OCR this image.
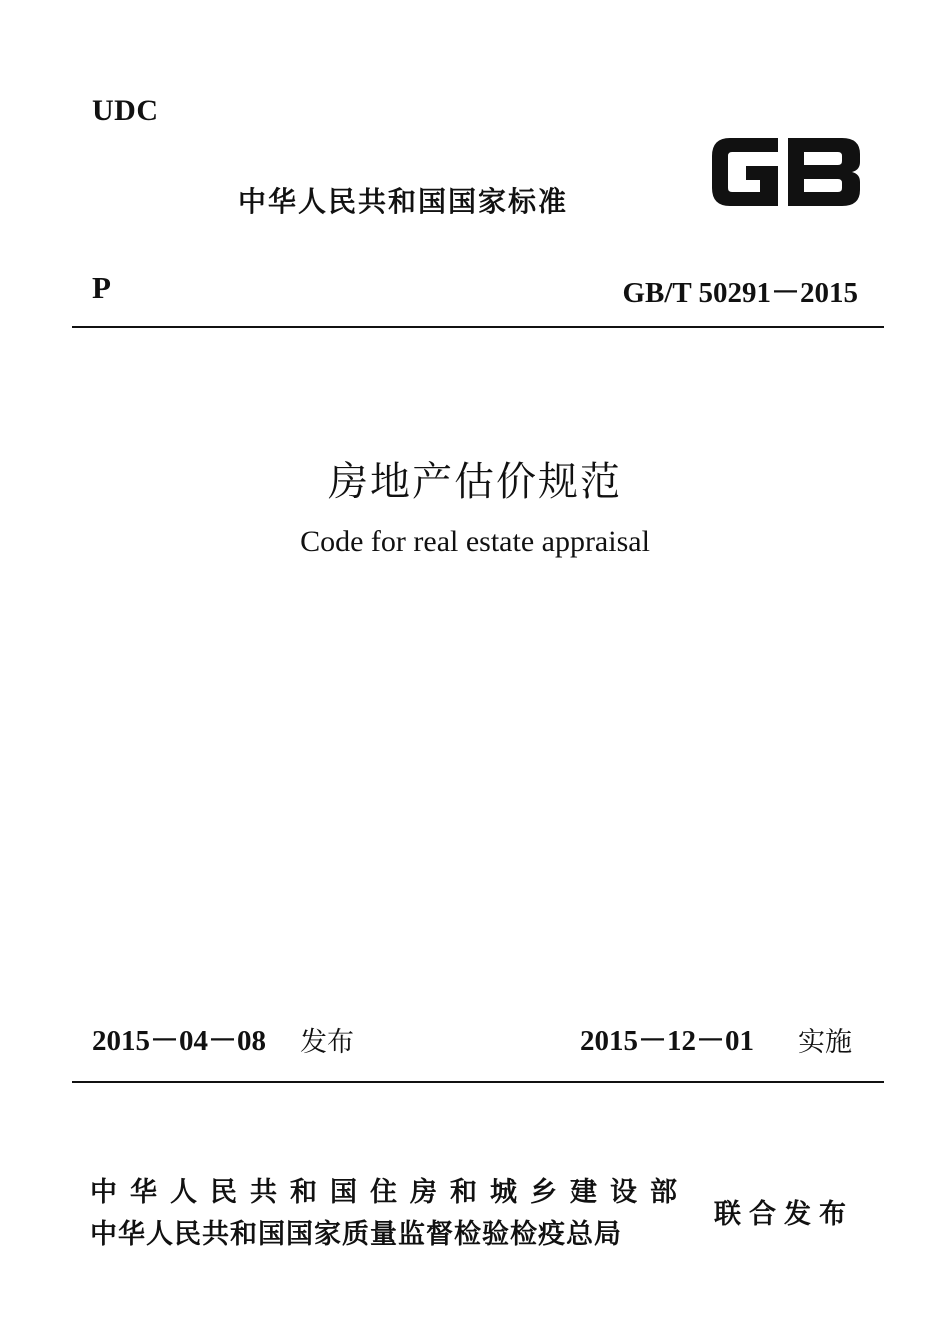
UDC
中华人民共和国国家标准
P	GB/T 50291－2015
房地产估价规范
Code for real estate appraisal
2015－04－08 发布	2015－12－01 实施
中华人民共和国住房和城乡建设部
中华人民共和国国家质量监督检验检疫总局
联合发布
